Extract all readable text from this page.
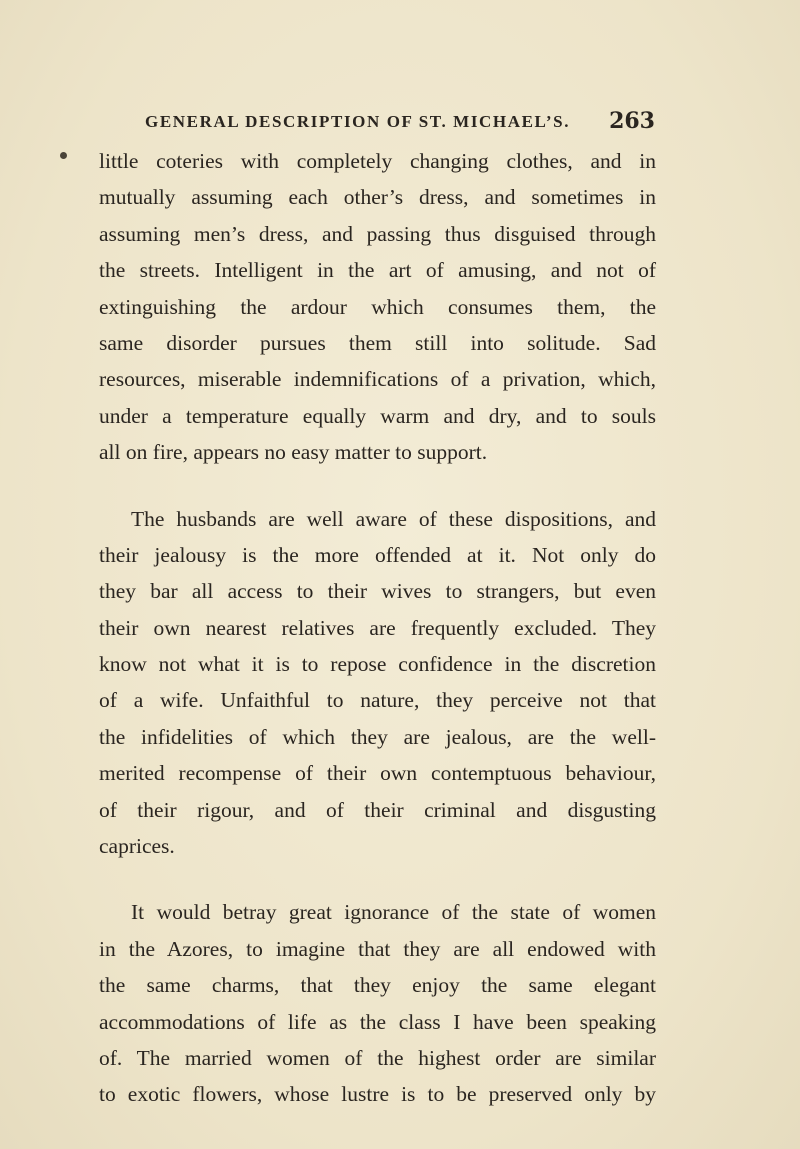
GENERAL DESCRIPTION OF ST. MICHAEL’S. 263
little coteries with completely changing clothes, and in
mutually assuming each other’s dress, and sometimes in
assuming men’s dress, and passing thus disguised through
the streets. Intelligent in the art of amusing, and not of
extinguishing the ardour which consumes them, the
same disorder pursues them still into solitude. Sad
resources, miserable indemnifications of a privation, which,
under a temperature equally warm and dry, and to souls
all on fire, appears no easy matter to support.
The husbands are well aware of these dispositions, and
their jealousy is the more offended at it. Not only do
they bar all access to their wives to strangers, but even
their own nearest relatives are frequently excluded. They
know not what it is to repose confidence in the discretion
of a wife. Unfaithful to nature, they perceive not that
the infidelities of which they are jealous, are the well-
merited recompense of their own contemptuous behaviour,
of their rigour, and of their criminal and disgusting
caprices.
It would betray great ignorance of the state of women
in the Azores, to imagine that they are all endowed with
the same charms, that they enjoy the same elegant
accommodations of life as the class I have been speaking
of. The married women of the highest order are similar
to exotic flowers, whose lustre is to be preserved only by
